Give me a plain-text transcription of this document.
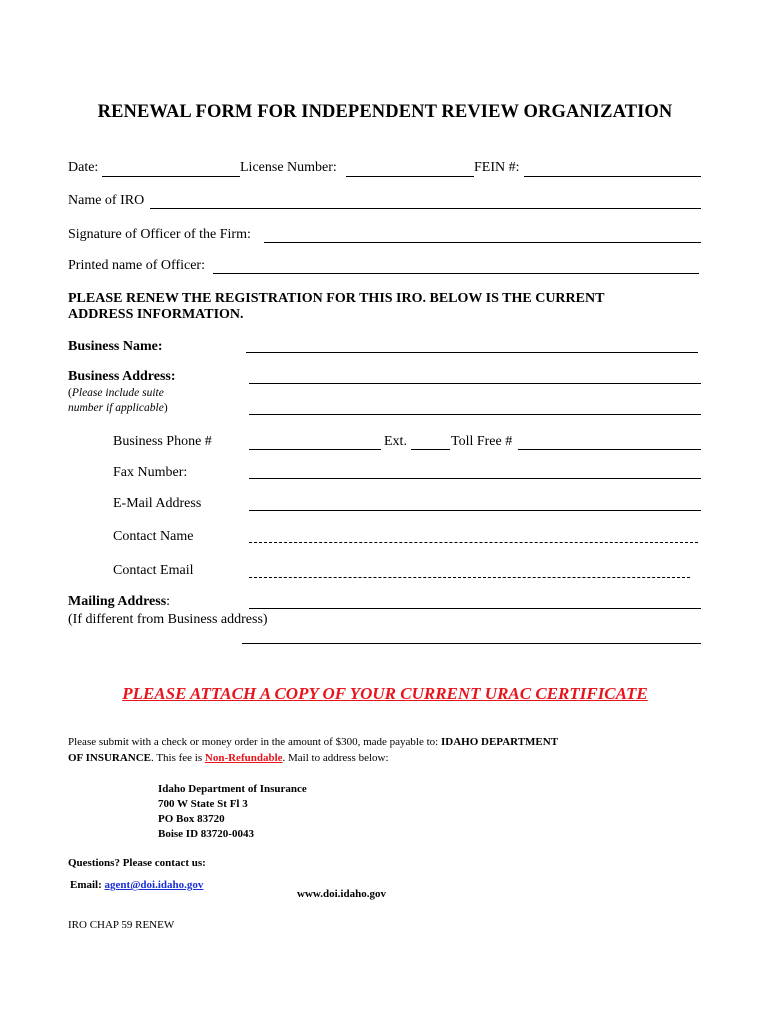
RENEWAL FORM FOR INDEPENDENT REVIEW ORGANIZATION
Date:	License Number:	FEIN #:
Name of IRO
Signature of Officer of the Firm:
Printed name of Officer:
PLEASE RENEW THE REGISTRATION FOR THIS IRO. BELOW IS THE CURRENT
ADDRESS INFORMATION.
Business Name:
Business Address:
(Please include suite
number if applicable)
Business Phone #	Ext.	Toll Free #
Fax Number:
E-Mail Address
Contact Name
Contact Email
Mailing Address:
(If different from Business address)
PLEASE ATTACH A COPY OF YOUR CURRENT URAC CERTIFICATE
Please submit with a check or money order in the amount of $300, made payable to: IDAHO DEPARTMENT
OF INSURANCE. This fee is Non-Refundable. Mail to address below:
Idaho Department of Insurance
700 W State St Fl 3
PO Box 83720
Boise ID 83720-0043
Questions? Please contact us:
Email: agent@doi.idaho.gov
www.doi.idaho.gov
IRO CHAP 59 RENEW
